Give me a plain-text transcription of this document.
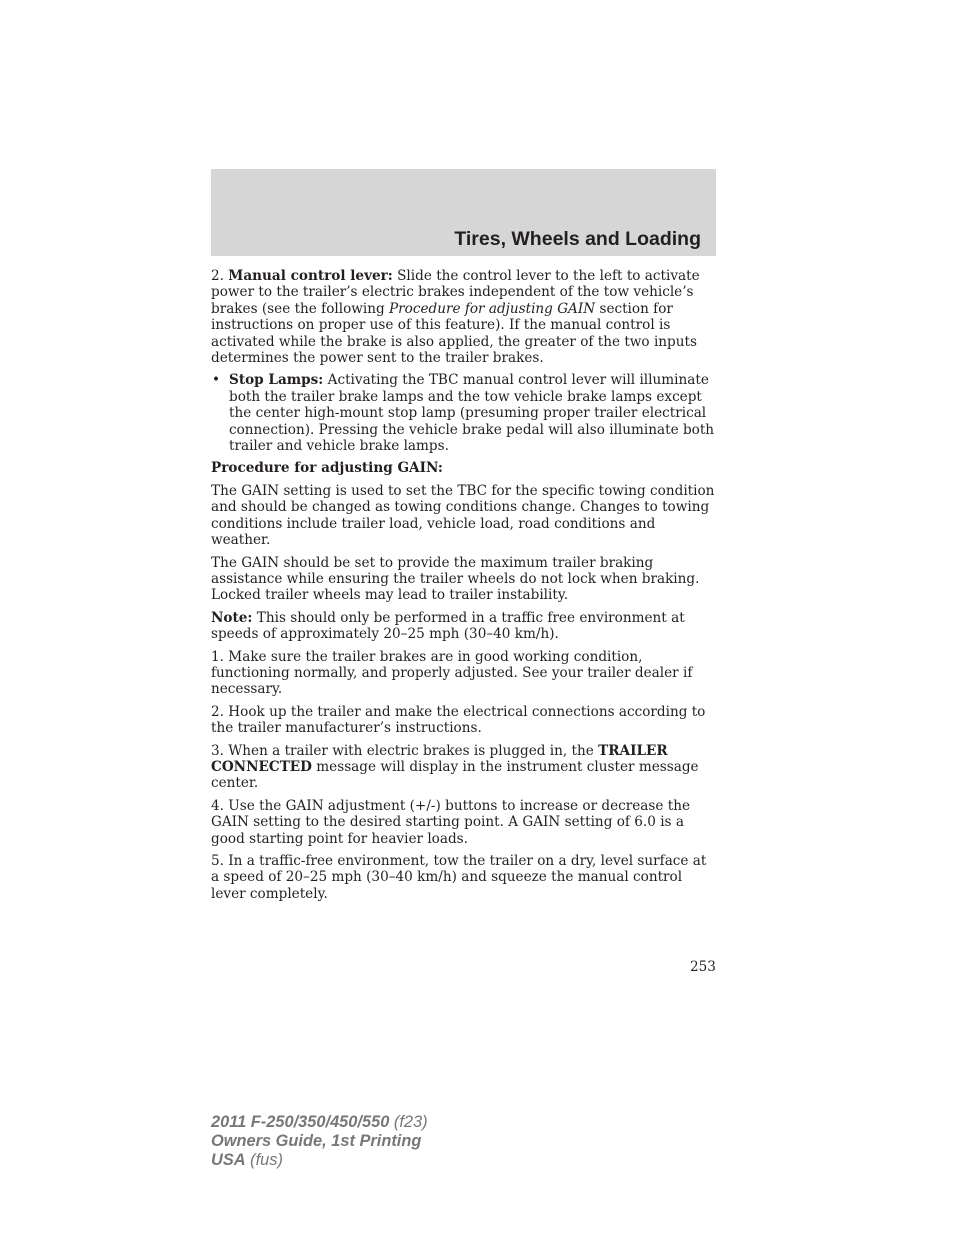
Tires, Wheels and Loading

2. Manual control lever: Slide the control lever to the left to activate power to the trailer’s electric brakes independent of the tow vehicle’s brakes (see the following Procedure for adjusting GAIN section for instructions on proper use of this feature). If the manual control is activated while the brake is also applied, the greater of the two inputs determines the power sent to the trailer brakes.

• Stop Lamps: Activating the TBC manual control lever will illuminate both the trailer brake lamps and the tow vehicle brake lamps except the center high-mount stop lamp (presuming proper trailer electrical connection). Pressing the vehicle brake pedal will also illuminate both trailer and vehicle brake lamps.

Procedure for adjusting GAIN:

The GAIN setting is used to set the TBC for the specific towing condition and should be changed as towing conditions change. Changes to towing conditions include trailer load, vehicle load, road conditions and weather.

The GAIN should be set to provide the maximum trailer braking assistance while ensuring the trailer wheels do not lock when braking. Locked trailer wheels may lead to trailer instability.

Note: This should only be performed in a traffic free environment at speeds of approximately 20–25 mph (30–40 km/h).

1. Make sure the trailer brakes are in good working condition, functioning normally, and properly adjusted. See your trailer dealer if necessary.

2. Hook up the trailer and make the electrical connections according to the trailer manufacturer’s instructions.

3. When a trailer with electric brakes is plugged in, the TRAILER CONNECTED message will display in the instrument cluster message center.

4. Use the GAIN adjustment (+/-) buttons to increase or decrease the GAIN setting to the desired starting point. A GAIN setting of 6.0 is a good starting point for heavier loads.

5. In a traffic-free environment, tow the trailer on a dry, level surface at a speed of 20–25 mph (30–40 km/h) and squeeze the manual control lever completely.

253
2011 F-250/350/450/550 (f23)
Owners Guide, 1st Printing
USA (fus)
